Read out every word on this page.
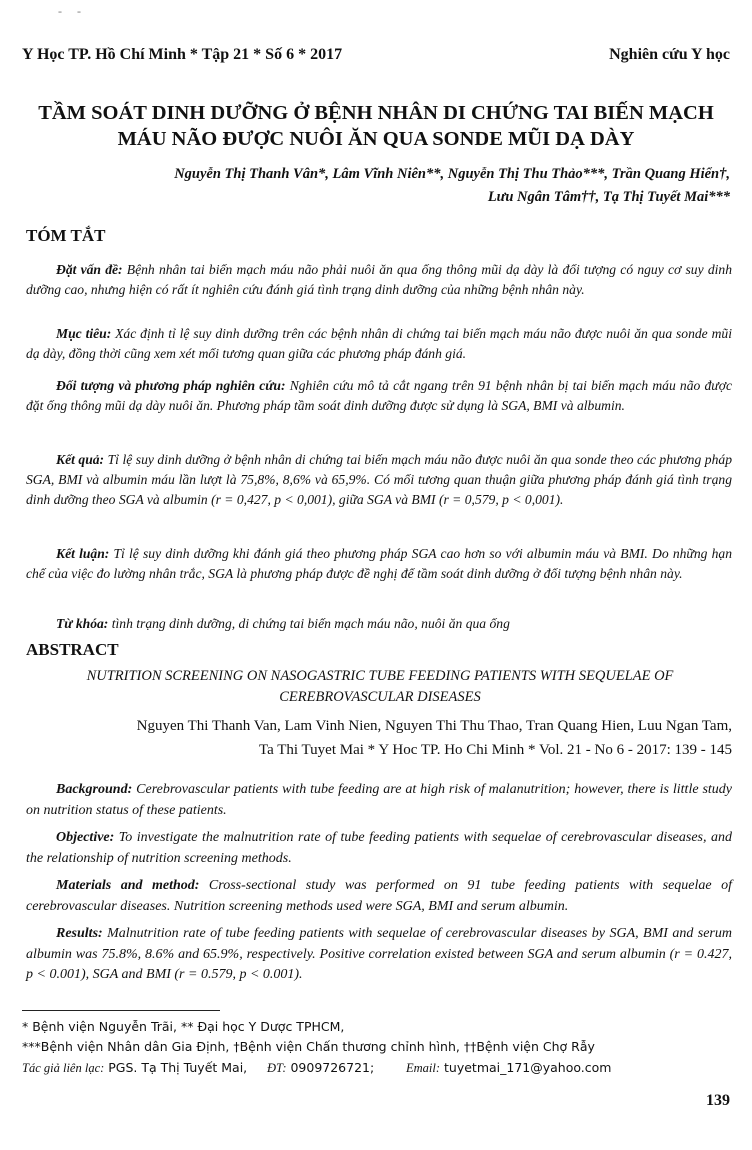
- -
Y Học TP. Hồ Chí Minh * Tập 21 * Số 6 * 2017	Nghiên cứu Y học
TẦM SOÁT DINH DƯỠNG Ở BỆNH NHÂN DI CHỨNG TAI BIẾN MẠCH
MÁU NÃO ĐƯỢC NUÔI ĂN QUA SONDE MŨI DẠ DÀY
Nguyễn Thị Thanh Vân*, Lâm Vĩnh Niên**, Nguyễn Thị Thu Thảo***, Trần Quang Hiển†,
Lưu Ngân Tâm††, Tạ Thị Tuyết Mai***
TÓM TẮT

Đặt vấn đề: Bệnh nhân tai biến mạch máu não phải nuôi ăn qua ống thông mũi dạ dày là đối tượng có nguy cơ suy dinh dưỡng cao, nhưng hiện có rất ít nghiên cứu đánh giá tình trạng dinh dưỡng của những bệnh nhân này.

Mục tiêu: Xác định tỉ lệ suy dinh dưỡng trên các bệnh nhân di chứng tai biến mạch máu não được nuôi ăn qua sonde mũi dạ dày, đồng thời cũng xem xét mối tương quan giữa các phương pháp đánh giá.

Đối tượng và phương pháp nghiên cứu: Nghiên cứu mô tả cắt ngang trên 91 bệnh nhân bị tai biến mạch máu não được đặt ống thông mũi dạ dày nuôi ăn. Phương pháp tầm soát dinh dưỡng được sử dụng là SGA, BMI và albumin.

Kết quả: Tỉ lệ suy dinh dưỡng ở bệnh nhân di chứng tai biến mạch máu não được nuôi ăn qua sonde theo các phương pháp SGA, BMI và albumin máu lần lượt là 75,8%, 8,6% và 65,9%. Có mối tương quan thuận giữa phương pháp đánh giá tình trạng dinh dưỡng theo SGA và albumin (r = 0,427, p < 0,001), giữa SGA và BMI (r = 0,579, p < 0,001).

Kết luận: Tỉ lệ suy dinh dưỡng khi đánh giá theo phương pháp SGA cao hơn so với albumin máu và BMI. Do những hạn chế của việc đo lường nhân trắc, SGA là phương pháp được đề nghị để tầm soát dinh dưỡng ở đối tượng bệnh nhân này.

Từ khóa: tình trạng dinh dưỡng, di chứng tai biến mạch máu não, nuôi ăn qua ống

ABSTRACT
NUTRITION SCREENING ON NASOGASTRIC TUBE FEEDING PATIENTS WITH SEQUELAE OF
CEREBROVASCULAR DISEASES
Nguyen Thi Thanh Van, Lam Vinh Nien, Nguyen Thi Thu Thao, Tran Quang Hien, Luu Ngan Tam,
Ta Thi Tuyet Mai * Y Hoc TP. Ho Chi Minh * Vol. 21 - No 6 - 2017: 139 - 145

Background: Cerebrovascular patients with tube feeding are at high risk of malanutrition; however, there is little study on nutrition status of these patients.

Objective: To investigate the malnutrition rate of tube feeding patients with sequelae of cerebrovascular diseases, and the relationship of nutrition screening methods.

Materials and method: Cross-sectional study was performed on 91 tube feeding patients with sequelae of cerebrovascular diseases. Nutrition screening methods used were SGA, BMI and serum albumin.

Results: Malnutrition rate of tube feeding patients with sequelae of cerebrovascular diseases by SGA, BMI and serum albumin was 75.8%, 8.6% and 65.9%, respectively. Positive correlation existed between SGA and serum albumin (r = 0.427, p < 0.001), SGA and BMI (r = 0.579, p < 0.001).

* Bệnh viện Nguyễn Trãi, ** Đại học Y Dược TPHCM,
***Bệnh viện Nhân dân Gia Định, †Bệnh viện Chấn thương chỉnh hình, ††Bệnh viện Chợ Rẫy
Tác giả liên lạc: PGS. Tạ Thị Tuyết Mai, ĐT: 0909726721;	Email: tuyetmai_171@yahoo.com
139
